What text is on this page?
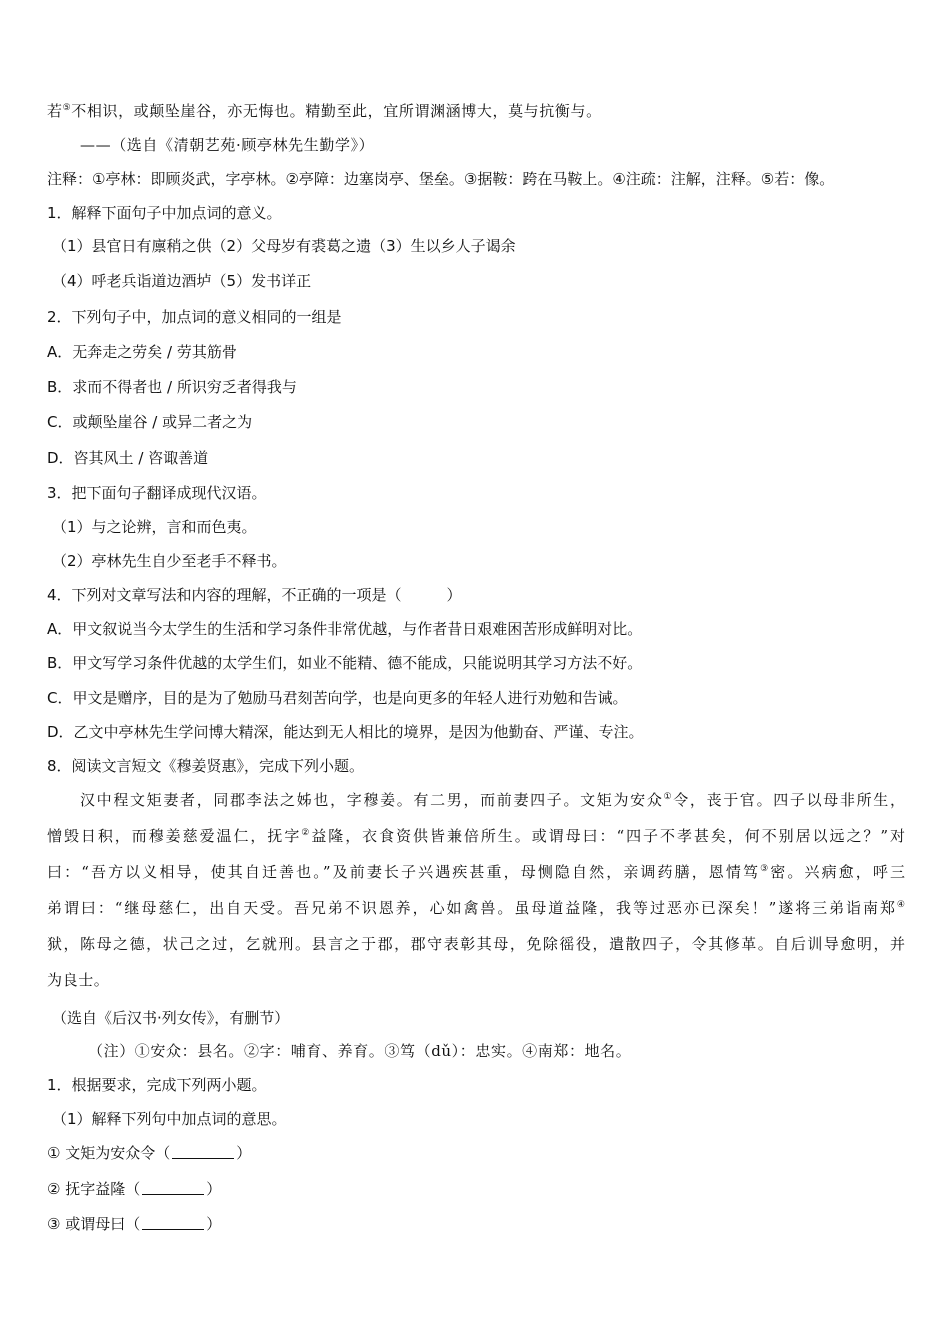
若⑤不相识，或颠坠崖谷，亦无悔也。精勤至此，宜所谓渊涵博大，莫与抗衡与。
——（选自《清朝艺苑·顾亭林先生勤学》）
注释：①亭林：即顾炎武，字亭林。②亭障：边塞岗亭、堡垒。③据鞍：跨在马鞍上。④注疏：注解，注释。⑤若：像。
1．解释下面句子中加点词的意义。
（1）县官日有廪稍之供（2）父母岁有裘葛之遗（3）生以乡人子谒余
（4）呼老兵诣道边酒垆（5）发书详正
2．下列句子中，加点词的意义相同的一组是
A．无奔走之劳矣 / 劳其筋骨
B．求而不得者也 / 所识穷乏者得我与
C．或颠坠崖谷 / 或异二者之为
D．咨其风土 / 咨诹善道
3．把下面句子翻译成现代汉语。
（1）与之论辨，言和而色夷。
（2）亭林先生自少至老手不释书。
4．下列对文章写法和内容的理解，不正确的一项是（　　　）
A．甲文叙说当今太学生的生活和学习条件非常优越，与作者昔日艰难困苦形成鲜明对比。
B．甲文写学习条件优越的太学生们，如业不能精、德不能成，只能说明其学习方法不好。
C．甲文是赠序，目的是为了勉励马君刻苦向学，也是向更多的年轻人进行劝勉和告诫。
D．乙文中亭林先生学问博大精深，能达到无人相比的境界，是因为他勤奋、严谨、专注。
8．阅读文言短文《穆姜贤惠》，完成下列小题。
汉中程文矩妻者，同郡李法之姊也，字穆姜。有二男，而前妻四子。文矩为安众①令，丧于官。四子以母非所生，
憎毁日积，而穆姜慈爱温仁，抚字②益隆，衣食资供皆兼倍所生。或谓母曰：“四子不孝甚矣，何不别居以远之？”对
曰：“吾方以义相导，使其自迁善也。”及前妻长子兴遇疾甚重，母恻隐自然，亲调药膳，恩情笃③密。兴病愈，呼三
弟谓曰：“继母慈仁，出自天受。吾兄弟不识恩养，心如禽兽。虽母道益隆，我等过恶亦已深矣！”遂将三弟诣南郑④
狱，陈母之德，状己之过，乞就刑。县言之于郡，郡守表彰其母，免除徭役，遣散四子，令其修革。自后训导愈明，并
为良士。
（选自《后汉书·列女传》，有删节）
（注）①安众：县名。②字：哺育、养育。③笃（dǔ）：忠实。④南郑：地名。
1．根据要求，完成下列两小题。
（1）解释下列句中加点词的意思。
① 文矩为安众令（	）
② 抚字益隆（	）
③ 或谓母曰（	）
